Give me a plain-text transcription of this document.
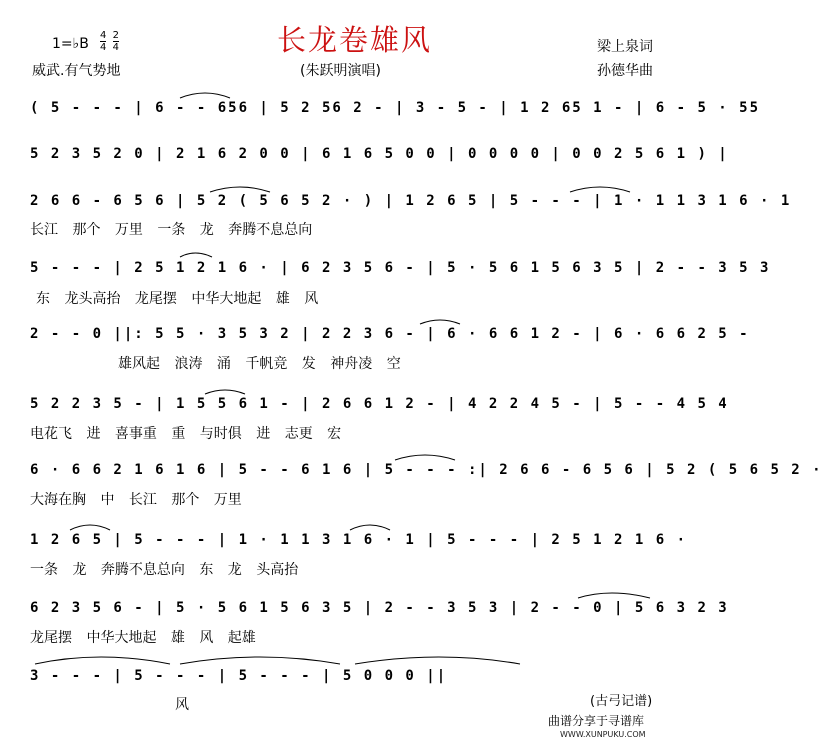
长龙卷雄风
1=♭B $\frac{4}{4}$
$\frac{2}{4}$
威武.有气势地	(朱跃明演唱)
梁上泉词
孙德华曲
( 5 - - - | 6 - - 656 | 5 2 56 2 - | 3 - 5 - | 1 2 65 1 - | 6 - 5 · 55
5 2 3 5 2 0 | 2 1 6 2 0 0 | 6 1 6 5 0 0 | 0 0 0 0 | 0 0 2 5 6 1 ) |
2 6 6 - 6 5 6 | 5 2 ( 5 6 5 2 · ) | 1 2 6 5 | 5 - - - | 1 · 1 1 3 1 6 · 1
长江 那个 万里 一条 龙 奔腾不息总向
5 - - - | 2 5 1 2 1 6 · | 6 2 3 5 6 - | 5 · 5 6 1 5 6 3 5 | 2 - - 3 5 3
东 龙头高抬 龙尾摆 中华大地起 雄 风
2 - - 0 ||: 5 5 · 3 5 3 2 | 2 2 3 6 - | 6 · 6 6 1 2 - | 6 · 6 6 2 5 -
雄风起 浪涛 涌 千帆竞 发 神舟凌 空
5 2 2 3 5 - | 1 5 5 6 1 - | 2 6 6 1 2 - | 4 2 2 4 5 - | 5 - - 4 5 4
电花飞 进 喜事重 重 与时俱 进 志更 宏
6 · 6 6 2 1 6 1 6 | 5 - - 6 1 6 | 5 - - - :| 2 6 6 - 6 5 6 | 5 2 ( 5 6 5 2 ·
大海在胸 中 长江 那个 万里
1 2 6 5 | 5 - - - | 1 · 1 1 3 1 6 · 1 | 5 - - - | 2 5 1 2 1 6 ·
一条 龙 奔腾不息总向 东 龙 头高抬
6 2 3 5 6 - | 5 · 5 6 1 5 6 3 5 | 2 - - 3 5 3 | 2 - - 0 | 5 6 3 2 3
龙尾摆 中华大地起 雄 风 起雄
3 - - - | 5 - - - | 5 - - - | 5 0 0 0 ||
风	(古弓记谱)
曲谱分享于寻谱库
WWW.XUNPUKU.COM
